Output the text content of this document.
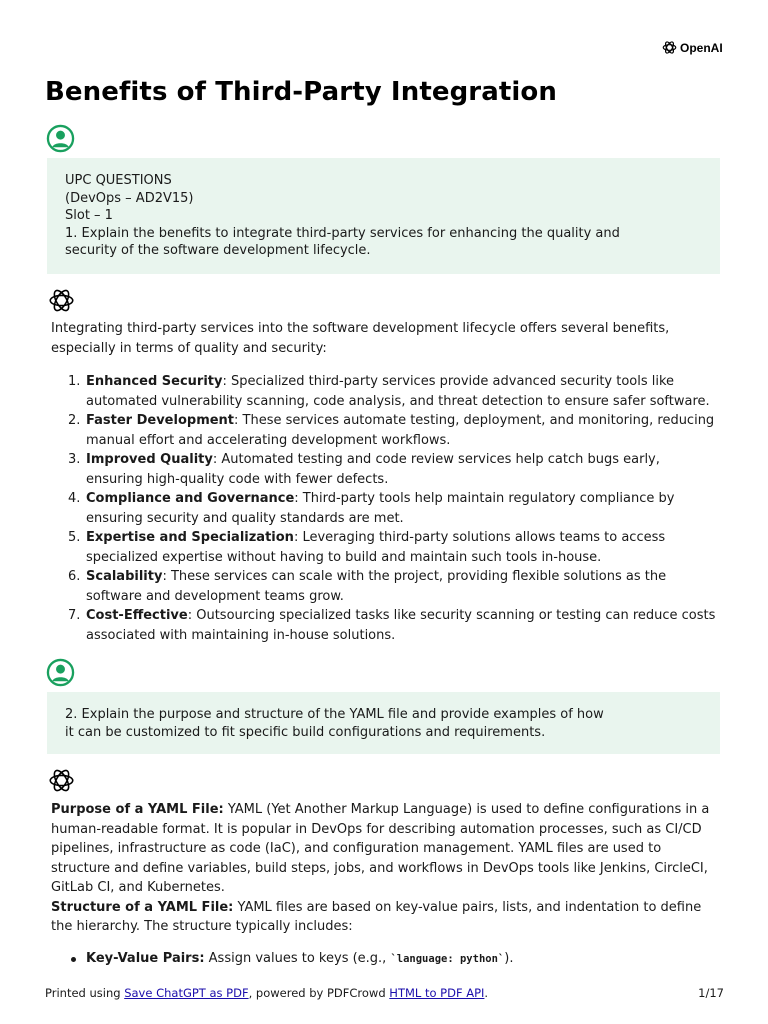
OpenAI
Benefits of Third-Party Integration

UPC QUESTIONS

(DevOps – AD2V15)

Slot – 1

1. Explain the benefits to integrate third-party services for enhancing the quality and

security of the software development lifecycle.

Integrating third-party services into the software development lifecycle offers several benefits, especially in terms of quality and security:

1. Enhanced Security: Specialized third-party services provide advanced security tools like automated vulnerability scanning, code analysis, and threat detection to ensure safer software.
2. Faster Development: These services automate testing, deployment, and monitoring, reducing manual effort and accelerating development workflows.
3. Improved Quality: Automated testing and code review services help catch bugs early, ensuring high-quality code with fewer defects.
4. Compliance and Governance: Third-party tools help maintain regulatory compliance by ensuring security and quality standards are met.
5. Expertise and Specialization: Leveraging third-party solutions allows teams to access specialized expertise without having to build and maintain such tools in-house.
6. Scalability: These services can scale with the project, providing flexible solutions as the software and development teams grow.
7. Cost-Effective: Outsourcing specialized tasks like security scanning or testing can reduce costs associated with maintaining in-house solutions.

2. Explain the purpose and structure of the YAML file and provide examples of how

it can be customized to fit specific build configurations and requirements.

Purpose of a YAML File: YAML (Yet Another Markup Language) is used to define configurations in a human-readable format. It is popular in DevOps for describing automation processes, such as CI/CD pipelines, infrastructure as code (IaC), and configuration management. YAML files are used to structure and define variables, build steps, jobs, and workflows in DevOps tools like Jenkins, CircleCI, GitLab CI, and Kubernetes.
Structure of a YAML File: YAML files are based on key-value pairs, lists, and indentation to define the hierarchy. The structure typically includes:

Key-Value Pairs: Assign values to keys (e.g., `language: python`).
Printed using Save ChatGPT as PDF, powered by PDFCrowd HTML to PDF API.	1/17
